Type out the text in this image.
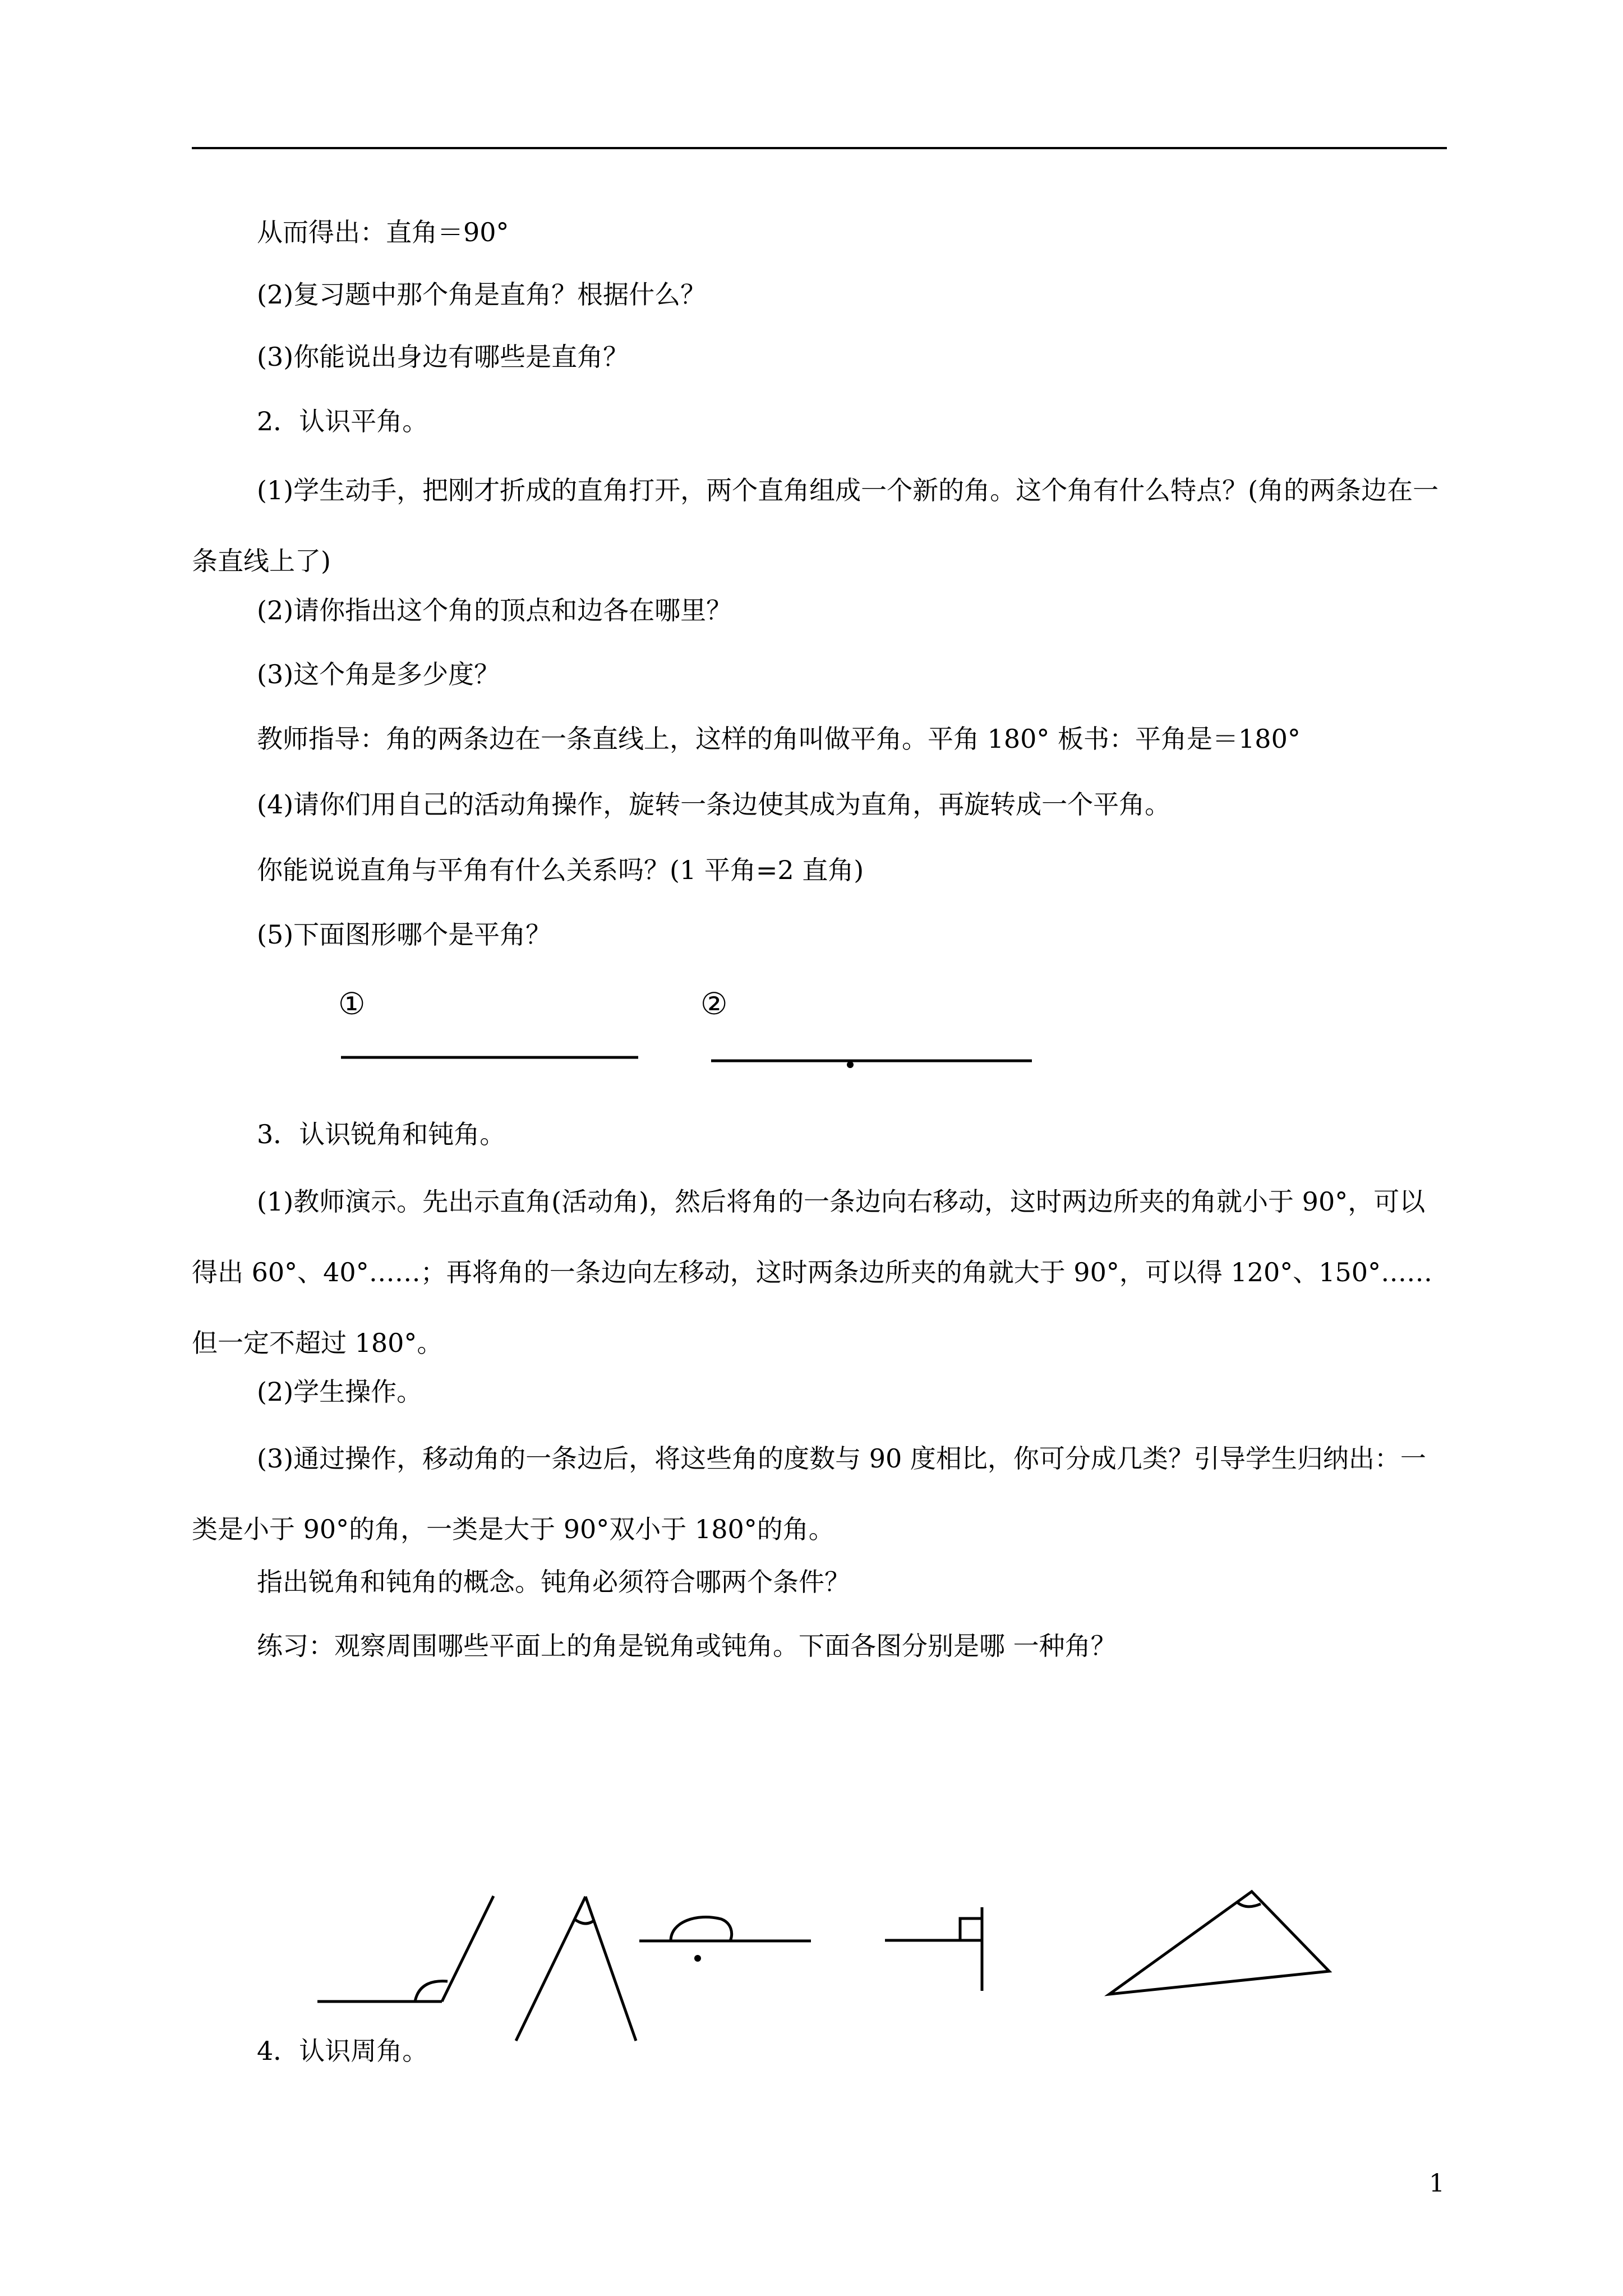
从而得出：直角＝90°
(2)复习题中那个角是直角？根据什么？
(3)你能说出身边有哪些是直角？
2．认识平角。
(1)学生动手，把刚才折成的直角打开，两个直角组成一个新的角。这个角有什么特点？(角的两条边在一条直线上了)
(2)请你指出这个角的顶点和边各在哪里？
(3)这个角是多少度？
教师指导：角的两条边在一条直线上，这样的角叫做平角。平角 180° 板书：平角是＝180°
(4)请你们用自己的活动角操作，旋转一条边使其成为直角，再旋转成一个平角。
你能说说直角与平角有什么关系吗？(1 平角=2 直角)
(5)下面图形哪个是平角？
①	②
3．认识锐角和钝角。
(1)教师演示。先出示直角(活动角)，然后将角的一条边向右移动，这时两边所夹的角就小于 90°，可以得出 60°、40°……；再将角的一条边向左移动，这时两条边所夹的角就大于 90°，可以得 120°、150°……但一定不超过 180°。
(2)学生操作。
(3)通过操作，移动角的一条边后，将这些角的度数与 90 度相比，你可分成几类？引导学生归纳出：一类是小于 90°的角，一类是大于 90°双小于 180°的角。
指出锐角和钝角的概念。钝角必须符合哪两个条件？
练习：观察周围哪些平面上的角是锐角或钝角。下面各图分别是哪 一种角？
4．认识周角。
1
